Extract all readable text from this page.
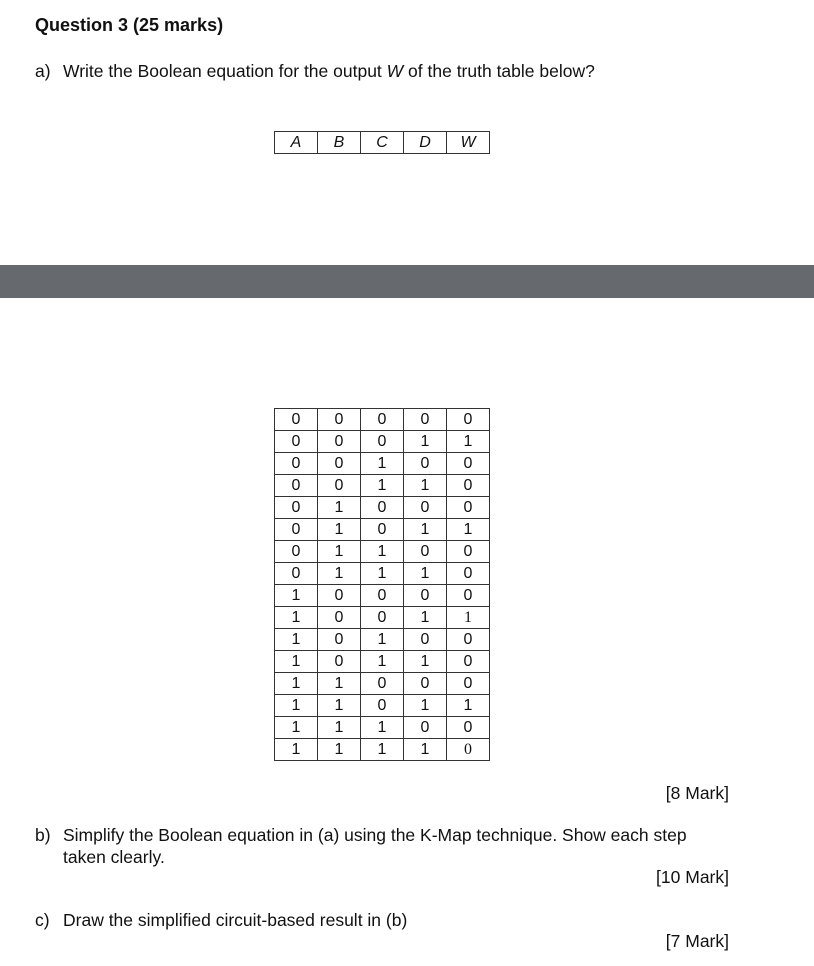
Question 3 (25 marks)
a) Write the Boolean equation for the output W of the truth table below?
A	B	C	D	W
0	0	0	0	0
0	0	0	1	1
0	0	1	0	0
0	0	1	1	0
0	1	0	0	0
0	1	0	1	1
0	1	1	0	0
0	1	1	1	0
1	0	0	0	0
1	0	0	1	1
1	0	1	0	0
1	0	1	1	0
1	1	0	0	0
1	1	0	1	1
1	1	1	0	0
1	1	1	1	0
[8 Mark]
b) Simplify the Boolean equation in (a) using the K-Map technique. Show each step
taken clearly.
[10 Mark]
c) Draw the simplified circuit-based result in (b)
[7 Mark]
